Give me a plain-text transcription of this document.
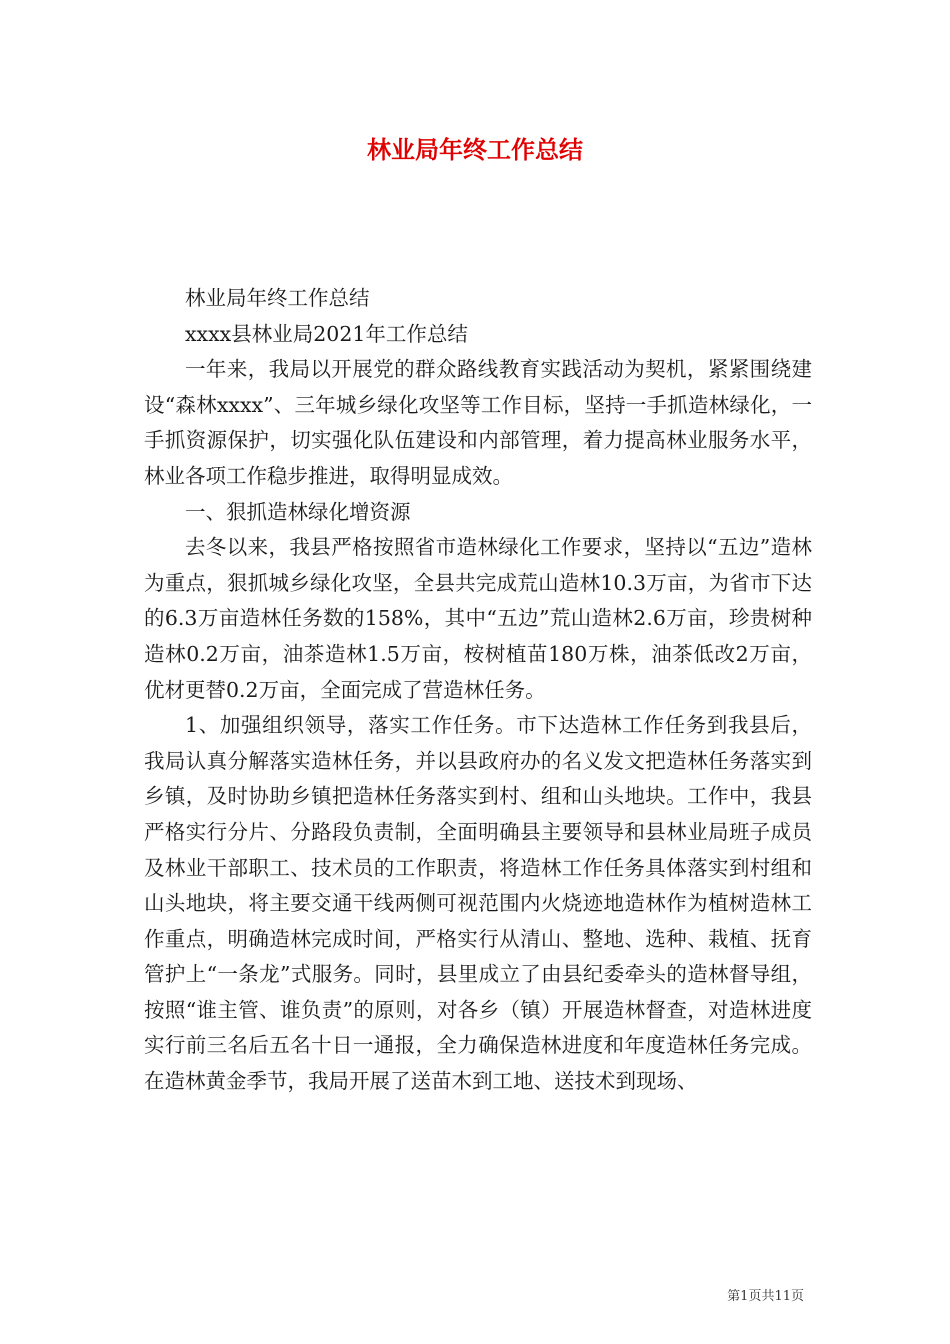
林业局年终工作总结

林业局年终工作总结

xxxx县林业局2021年工作总结

一年来，我局以开展党的群众路线教育实践活动为契机，紧紧围绕建设“森林xxxx”、三年城乡绿化攻坚等工作目标，坚持一手抓造林绿化，一手抓资源保护，切实强化队伍建设和内部管理，着力提高林业服务水平，林业各项工作稳步推进，取得明显成效。

一、狠抓造林绿化增资源

去冬以来，我县严格按照省市造林绿化工作要求，坚持以“五边”造林为重点，狠抓城乡绿化攻坚，全县共完成荒山造林10.3万亩，为省市下达的6.3万亩造林任务数的158%，其中“五边”荒山造林2.6万亩，珍贵树种造林0.2万亩，油茶造林1.5万亩，桉树植苗180万株，油茶低改2万亩，优材更替0.2万亩，全面完成了营造林任务。

1、加强组织领导，落实工作任务。市下达造林工作任务到我县后，我局认真分解落实造林任务，并以县政府办的名义发文把造林任务落实到乡镇，及时协助乡镇把造林任务落实到村、组和山头地块。工作中，我县严格实行分片、分路段负责制，全面明确县主要领导和县林业局班子成员及林业干部职工、技术员的工作职责，将造林工作任务具体落实到村组和山头地块，将主要交通干线两侧可视范围内火烧迹地造林作为植树造林工作重点，明确造林完成时间，严格实行从清山、整地、选种、栽植、抚育管护上“一条龙”式服务。同时，县里成立了由县纪委牵头的造林督导组，按照“谁主管、谁负责”的原则，对各乡（镇）开展造林督查，对造林进度实行前三名后五名十日一通报，全力确保造林进度和年度造林任务完成。在造林黄金季节，我局开展了送苗木到工地、送技术到现场、

第1页共11页
